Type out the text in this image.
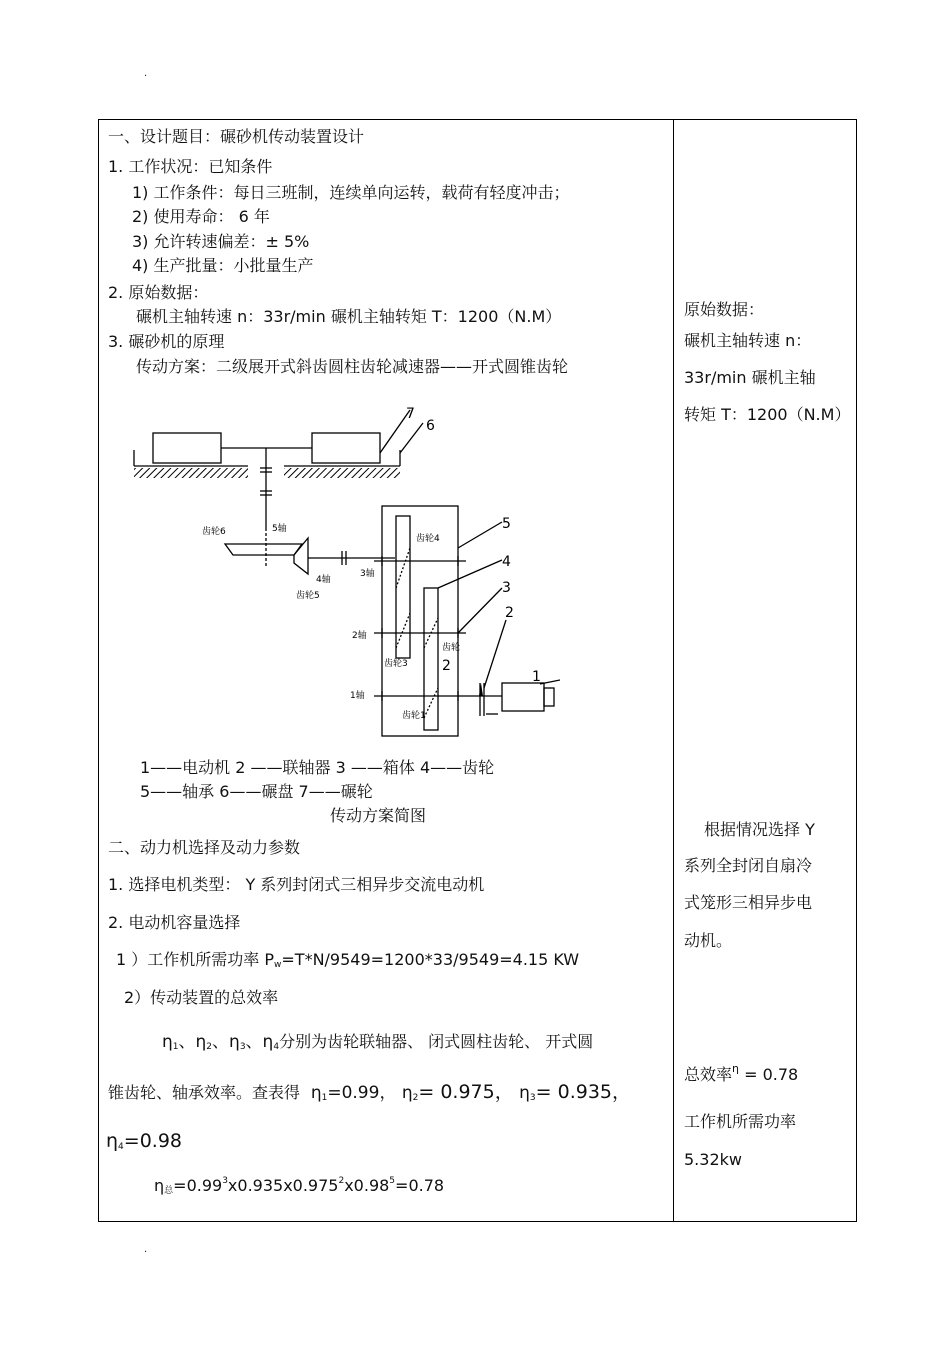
.
.
一、设计题目：碾砂机传动装置设计
1. 工作状况：已知条件
1) 工作条件：每日三班制，连续单向运转，载荷有轻度冲击；
2) 使用寿命： 6 年
3) 允许转速偏差：± 5%
4) 生产批量：小批量生产
2. 原始数据：
碾机主轴转速 n：33r/min 碾机主轴转矩 T：1200（N.M）
3. 碾砂机的原理
传动方案：二级展开式斜齿圆柱齿轮减速器——开式圆锥齿轮
7
6
5
4
3
2
1
2
齿轮6	5轴
4轴
齿轮5
3轴
齿轮4
2轴
齿轮3
齿轮
1轴
齿轮1
1——电动机 2 ——联轴器 3 ——箱体 4——齿轮
5——轴承 6——碾盘 7——碾轮
传动方案简图
二、动力机选择及动力参数
1. 选择电机类型： Y 系列封闭式三相异步交流电动机
2. 电动机容量选择
1 ）工作机所需功率 $P_w=T*N/9549=1200*33/9549=4.15$ KW
2）传动装置的总效率
$\eta_1$、$\eta_2$、$\eta_3$、$\eta_4$分别为齿轮联轴器、 闭式圆柱齿轮、 开式圆
锥齿轮、轴承效率。查表得 $\eta_1=0.99$， $\eta_2= 0.975$， $\eta_3= 0.935$，
$\eta_4=0.98$
$\eta_总=0.99^3x0.935x0.975^2x0.98^5=0.78$
原始数据：
碾机主轴转速 n：
33r/min 碾机主轴
转矩 T：1200（N.M）
根据情况选择 Y
系列全封闭自扇冷
式笼形三相异步电
动机。
总效率$^\eta$ = 0.78
工作机所需功率
5.32kw
